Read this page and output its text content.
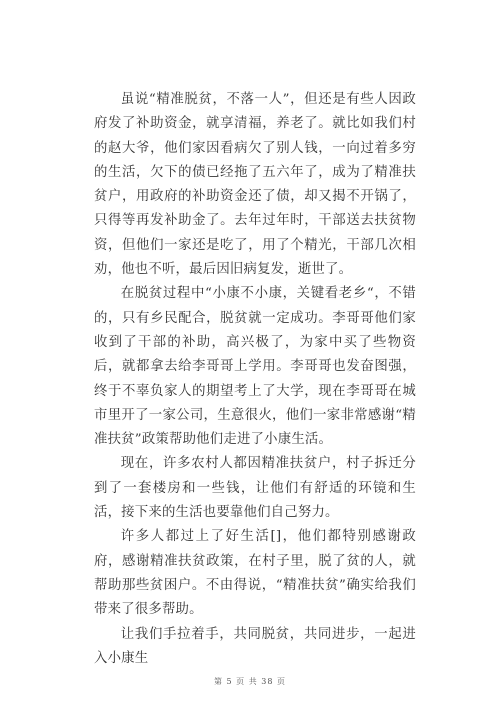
虽说“精准脱贫，不落一人”，但还是有些人因政府发了补助资金，就享清福，养老了。就比如我们村的赵大爷，他们家因看病欠了别人钱，一向过着多穷的生活，欠下的债已经拖了五六年了，成为了精准扶贫户，用政府的补助资金还了债，却又揭不开锅了，只得等再发补助金了。去年过年时，干部送去扶贫物资，但他们一家还是吃了，用了个精光，干部几次相劝，他也不听，最后因旧病复发，逝世了。

在脱贫过程中“小康不小康，关键看老乡“，不错的，只有乡民配合，脱贫就一定成功。李哥哥他们家收到了干部的补助，高兴极了，为家中买了些物资后，就都拿去给李哥哥上学用。李哥哥也发奋图强，终于不辜负家人的期望考上了大学，现在李哥哥在城市里开了一家公司，生意很火，他们一家非常感谢“精准扶贫”政策帮助他们走进了小康生活。

现在，许多农村人都因精准扶贫户，村子拆迁分到了一套楼房和一些钱，让他们有舒适的环镜和生活，接下来的生活也要靠他们自己努力。

许多人都过上了好生活[]，他们都特别感谢政府，感谢精准扶贫政策，在村子里，脱了贫的人，就帮助那些贫困户。不由得说，“精准扶贫”确实给我们带来了很多帮助。

让我们手拉着手，共同脱贫，共同进步，一起进入小康生

第 5 页 共 38 页
